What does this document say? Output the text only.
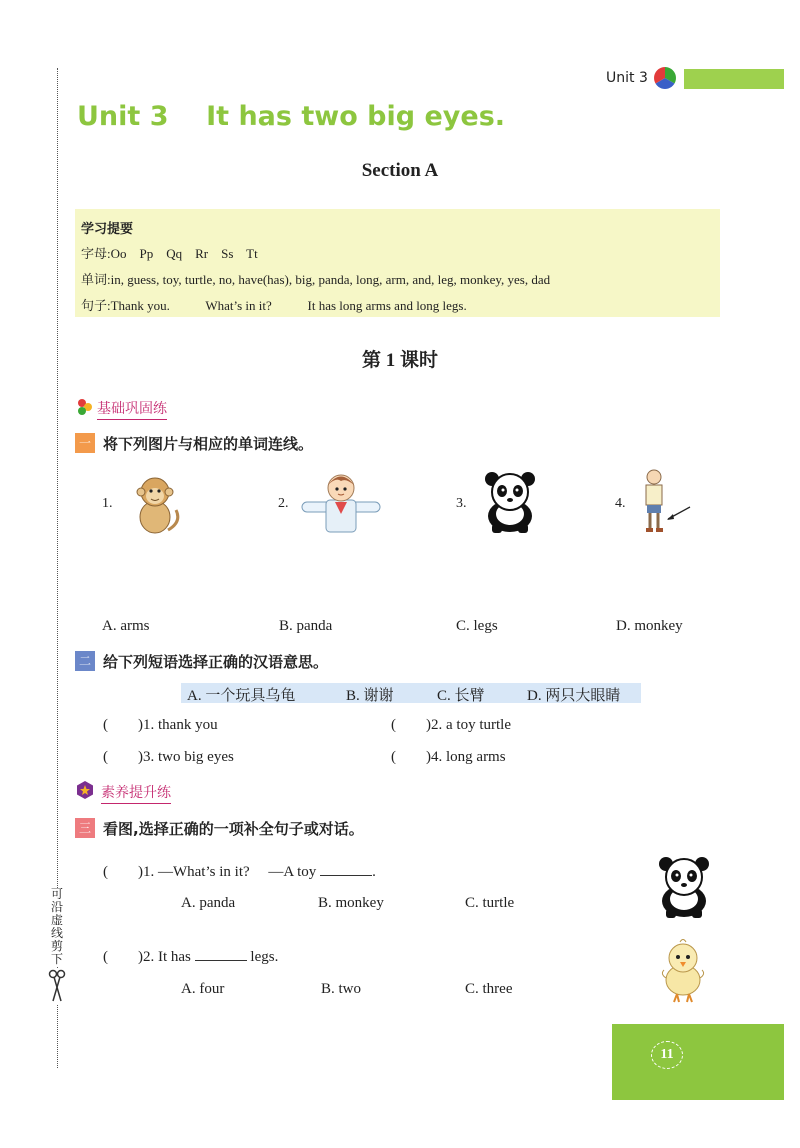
可沿虚线剪下
Unit 3
Unit 3 It has two big eyes.
Section A
学习提要
字母:Oo    Pp    Qq    Rr    Ss    Tt
单词:in, guess, toy, turtle, no, have(has), big, panda, long, arm, and, leg, monkey, yes, dad
句子:Thank you.           What’s in it?           It has long arms and long legs.
第 1 课时
基础巩固练
一 将下列图片与相应的单词连线。
1.	2.	3.	4.
A. arms	B. panda	C. legs	D. monkey
二 给下列短语选择正确的汉语意思。
A. 一个玩具乌龟	B. 谢谢	C. 长臂	D. 两只大眼睛
(        )1. thank you	(        )2. a toy turtle
(        )3. two big eyes	(        )4. long arms
素养提升练
三 看图,选择正确的一项补全句子或对话。
(        )1. —What’s in it?     —A toy	.
A. panda	B. monkey	C. turtle
(        )2. It has	legs.
A. four	B. two	C. three
11
